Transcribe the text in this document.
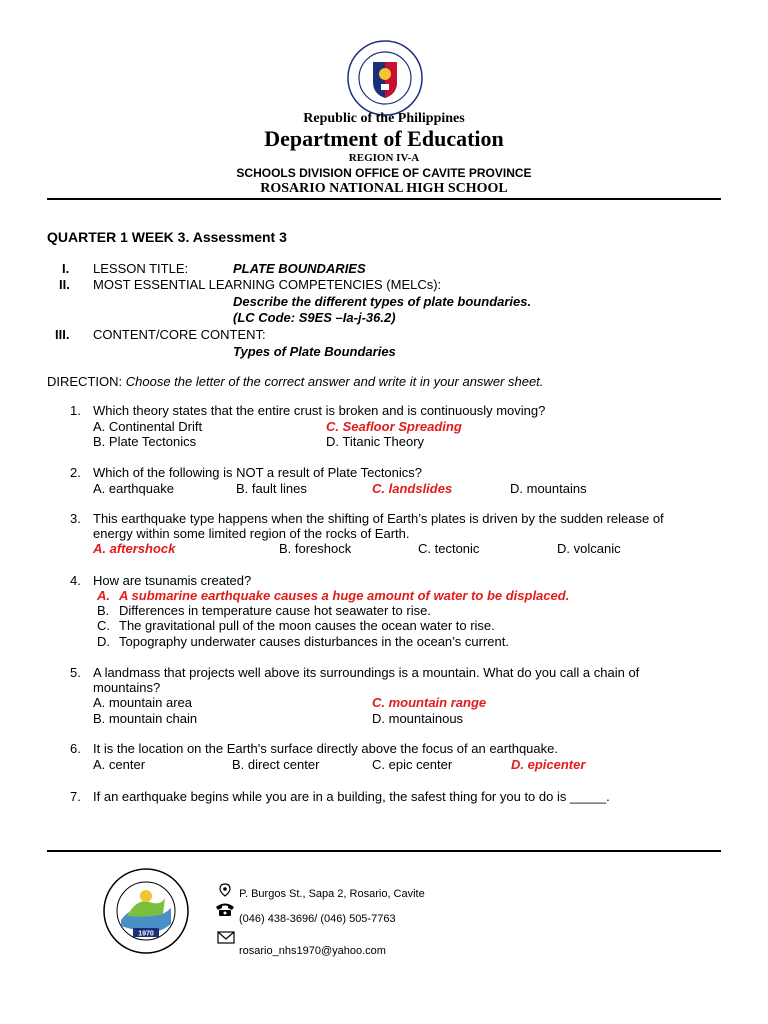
Republic of the Philippines
Department of Education
REGION IV-A
SCHOOLS DIVISION OFFICE OF CAVITE PROVINCE
ROSARIO NATIONAL HIGH SCHOOL
QUARTER 1 WEEK 3. Assessment 3
I. LESSON TITLE:	PLATE BOUNDARIES
II. MOST ESSENTIAL LEARNING COMPETENCIES (MELCs):
Describe the different types of plate boundaries.
(LC Code: S9ES –Ia-j-36.2)
III. CONTENT/CORE CONTENT:
Types of Plate Boundaries
DIRECTION: Choose the letter of the correct answer and write it in your answer sheet.
1. Which theory states that the entire crust is broken and is continuously moving?
A. Continental Drift	C. Seafloor Spreading
B. Plate Tectonics	D. Titanic Theory
2. Which of the following is NOT a result of Plate Tectonics?
A. earthquake	B. fault lines	C. landslides	D. mountains
3. This earthquake type happens when the shifting of Earth’s plates is driven by the sudden release of
energy within some limited region of the rocks of Earth.
A. aftershock	B. foreshock	C. tectonic	D. volcanic
4. How are tsunamis created?
A. A submarine earthquake causes a huge amount of water to be displaced.
B. Differences in temperature cause hot seawater to rise.
C. The gravitational pull of the moon causes the ocean water to rise.
D. Topography underwater causes disturbances in the ocean’s current.
5. A landmass that projects well above its surroundings is a mountain. What do you call a chain of
mountains?
A. mountain area	C. mountain range
B. mountain chain	D. mountainous
6. It is the location on the Earth's surface directly above the focus of an earthquake.
A. center	B. direct center	C. epic center	D. epicenter
7. If an earthquake begins while you are in a building, the safest thing for you to do is _____.
1970
P. Burgos St., Sapa 2, Rosario, Cavite
(046) 438-3696/ (046) 505-7763
rosario_nhs1970@yahoo.com
